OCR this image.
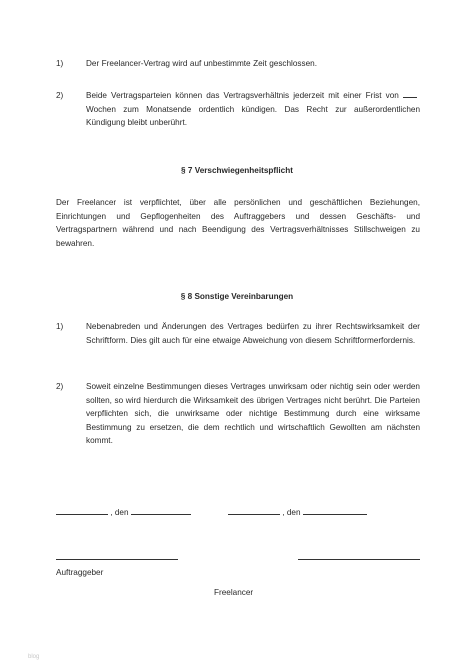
1)	Der Freelancer-Vertrag wird auf unbestimmte Zeit geschlossen.
2)	Beide Vertragsparteien können das Vertragsverhältnis jederzeit mit einer Frist von Wochen zum Monatsende ordentlich kündigen. Das Recht zur außerordentlichen Kündigung bleibt unberührt.
§ 7 Verschwiegenheitspflicht
Der Freelancer ist verpflichtet, über alle persönlichen und geschäftlichen Beziehungen, Einrichtungen und Gepflogenheiten des Auftraggebers und dessen Geschäfts- und Vertragspartnern während und nach Beendigung des Vertragsverhältnisses Stillschweigen zu bewahren.
§ 8 Sonstige Vereinbarungen
1)	Nebenabreden und Änderungen des Vertrages bedürfen zu ihrer Rechtswirksamkeit der Schriftform. Dies gilt auch für eine etwaige Abweichung von diesem Schriftformerfordernis.
2)	Soweit einzelne Bestimmungen dieses Vertrages unwirksam oder nichtig sein oder werden sollten, so wird hierdurch die Wirksamkeit des übrigen Vertrages nicht berührt. Die Parteien verpflichten sich, die unwirksame oder nichtige Bestimmung durch eine wirksame Bestimmung zu ersetzen, die dem rechtlich und wirtschaftlich Gewollten am nächsten kommt.
, den	, den
Auftraggeber
Freelancer
blog
